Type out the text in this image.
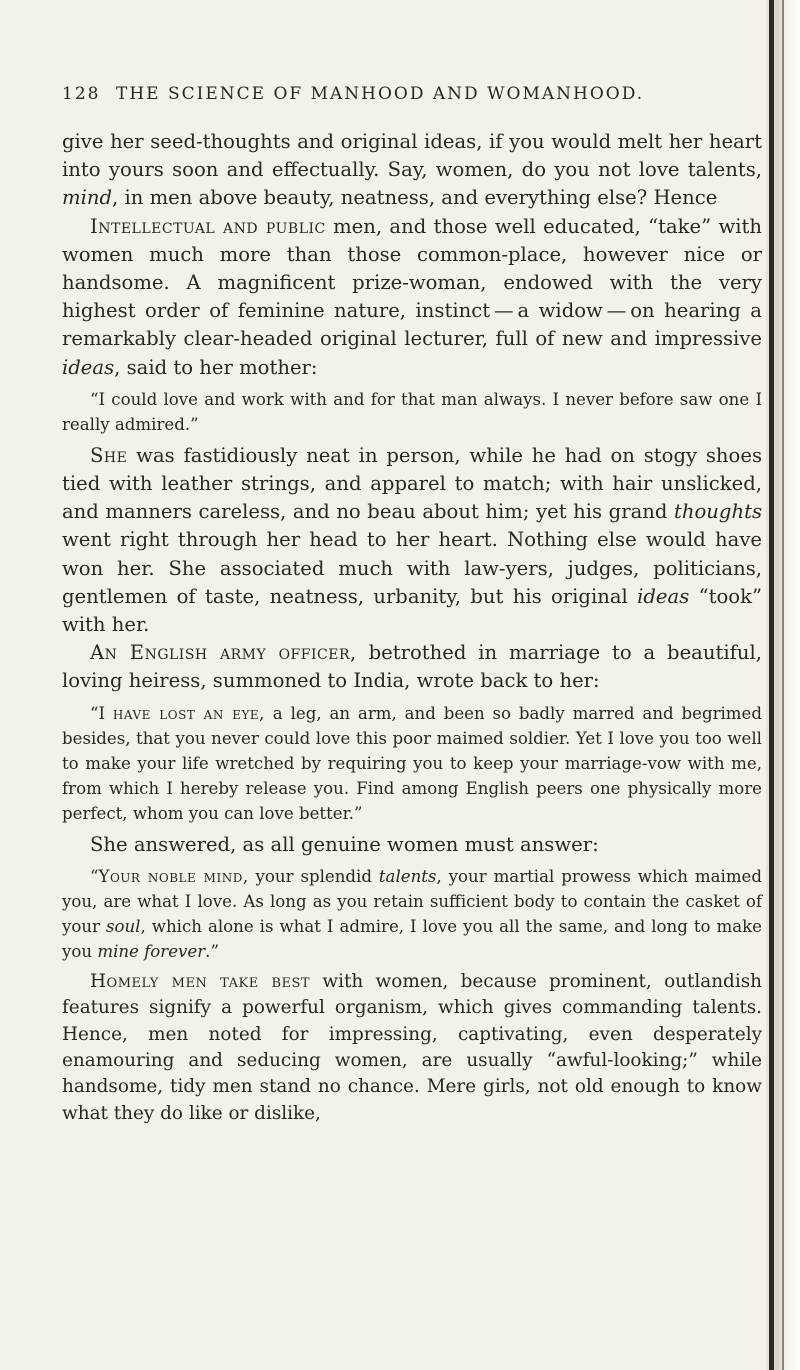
128 THE SCIENCE OF MANHOOD AND WOMANHOOD.

give her seed-thoughts and original ideas, if you would melt her heart into yours soon and effectually. Say, women, do you not love talents, mind, in men above beauty, neatness, and everything else? Hence

Intellectual and public men, and those well educated, “take” with women much more than those common-place, however nice or handsome. A magnificent prize-woman, endowed with the very highest order of feminine nature, instinct — a widow — on hearing a remarkably clear-headed original lecturer, full of new and impressive ideas, said to her mother:

“I could love and work with and for that man always. I never before saw one I really admired.”

She was fastidiously neat in person, while he had on stogy shoes tied with leather strings, and apparel to match; with hair unslicked, and manners careless, and no beau about him; yet his grand thoughts went right through her head to her heart. Nothing else would have won her. She associated much with law-yers, judges, politicians, gentlemen of taste, neatness, urbanity, but his original ideas “took” with her.

An English army officer, betrothed in marriage to a beautiful, loving heiress, summoned to India, wrote back to her:

“I have lost an eye, a leg, an arm, and been so badly marred and begrimed besides, that you never could love this poor maimed soldier. Yet I love you too well to make your life wretched by requiring you to keep your marriage-vow with me, from which I hereby release you. Find among English peers one physically more perfect, whom you can love better.”

She answered, as all genuine women must answer:

“Your noble mind, your splendid talents, your martial prowess which maimed you, are what I love. As long as you retain sufficient body to contain the casket of your soul, which alone is what I admire, I love you all the same, and long to make you mine forever.”

Homely men take best with women, because prominent, outlandish features signify a powerful organism, which gives commanding talents. Hence, men noted for impressing, captivating, even desperately enamouring and seducing women, are usually “awful-looking;” while handsome, tidy men stand no chance. Mere girls, not old enough to know what they do like or dislike,
